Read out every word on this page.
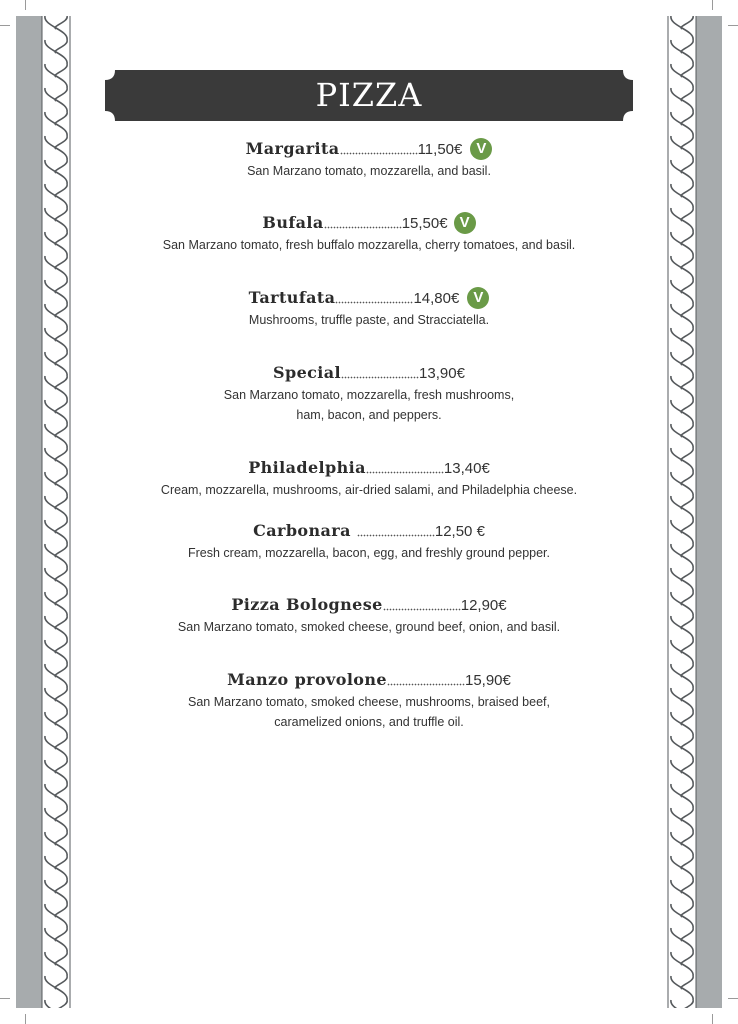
PIZZA
Margarita	11,50€ V
San Marzano tomato, mozzarella, and basil.
Bufala	15,50€ V
San Marzano tomato, fresh buffalo mozzarella, cherry tomatoes, and basil.
Tartufata	14,80€ V
Mushrooms, truffle paste, and Stracciatella.
Special	13,90€
San Marzano tomato, mozzarella, fresh mushrooms,
ham, bacon, and peppers.
Philadelphia	13,40€
Cream, mozzarella, mushrooms, air-dried salami, and Philadelphia cheese.
Carbonara	12,50 €
Fresh cream, mozzarella, bacon, egg, and freshly ground pepper.
Pizza Bolognese	12,90€
San Marzano tomato, smoked cheese, ground beef, onion, and basil.
Manzo provolone	15,90€
San Marzano tomato, smoked cheese, mushrooms, braised beef,
caramelized onions, and truffle oil.
